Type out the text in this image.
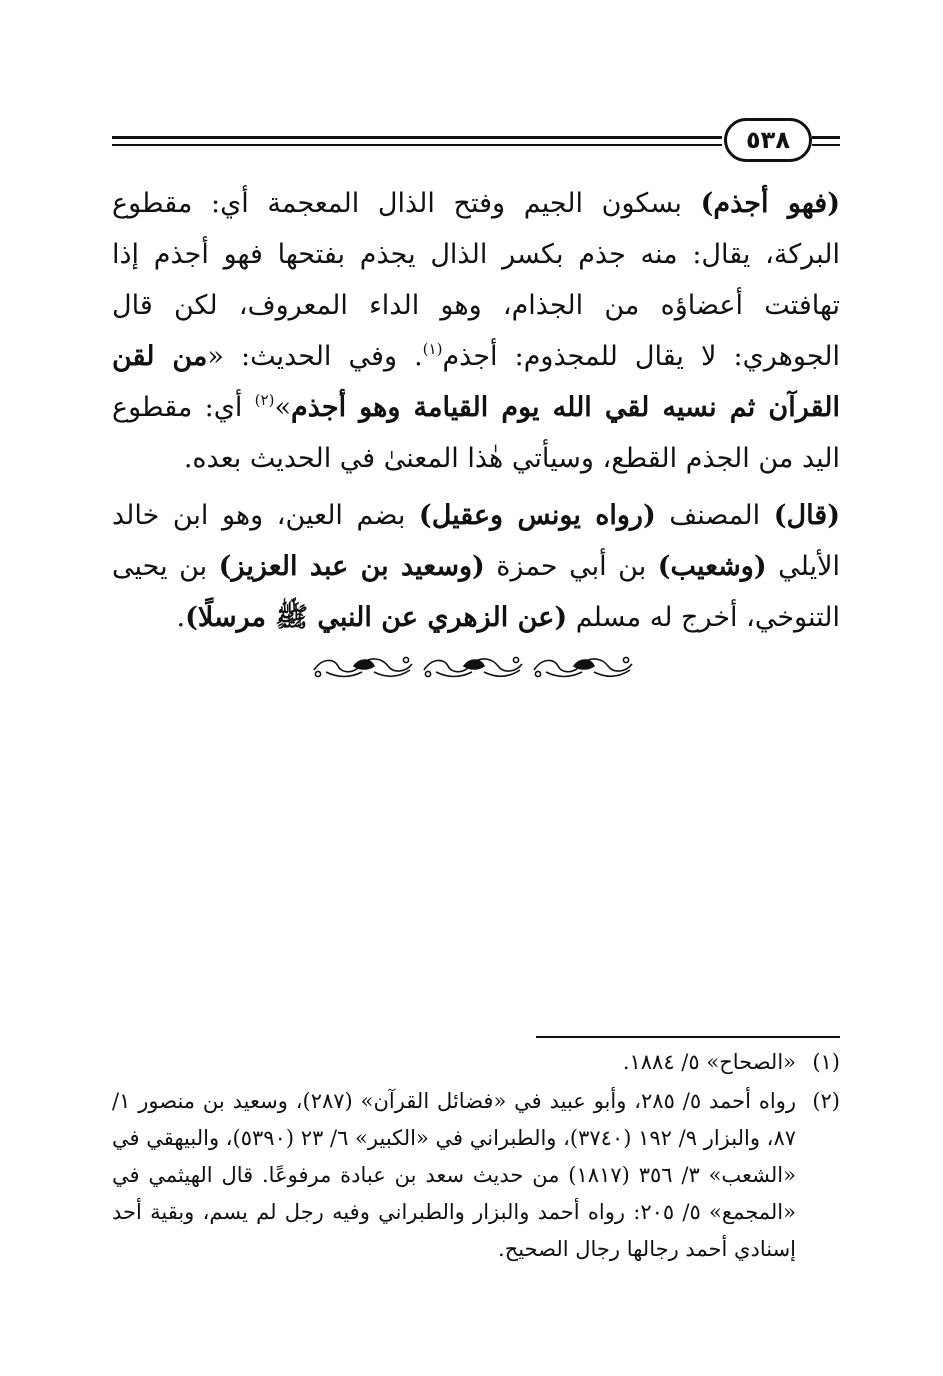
٥٣٨

(فهو أجذم) بسكون الجيم وفتح الذال المعجمة أي: مقطوع البركة، يقال: منه جذم بكسر الذال يجذم بفتحها فهو أجذم إذا تهافتت أعضاؤه من الجذام، وهو الداء المعروف، لكن قال الجوهري: لا يقال للمجذوم: أجذم$^{(١)}$. وفي الحديث: «من لقن القرآن ثم نسيه لقي الله يوم القيامة وهو أجذم»$^{(٢)}$ أي: مقطوع اليد من الجذم القطع، وسيأتي هٰذا المعنىٰ في الحديث بعده.

(قال) المصنف (رواه يونس وعقيل) بضم العين، وهو ابن خالد الأيلي (وشعيب) بن أبي حمزة (وسعيد بن عبد العزيز) بن يحيى التنوخي، أخرج له مسلم (عن الزهري عن النبي ﷺ مرسلًا).

(١)
«الصحاح» ٥/ ١٨٨٤.
(٢)
رواه أحمد ٥/ ٢٨٥، وأبو عبيد في «فضائل القرآن» (٢٨٧)، وسعيد بن منصور ١/ ٨٧، والبزار ٩/ ١٩٢ (٣٧٤٠)، والطبراني في «الكبير» ٦/ ٢٣ (٥٣٩٠)، والبيهقي في «الشعب» ٣/ ٣٥٦ (١٨١٧) من حديث سعد بن عبادة مرفوعًا. قال الهيثمي في «المجمع» ٥/ ٢٠٥: رواه أحمد والبزار والطبراني وفيه رجل لم يسم، وبقية أحد إسنادي أحمد رجالها رجال الصحيح.
